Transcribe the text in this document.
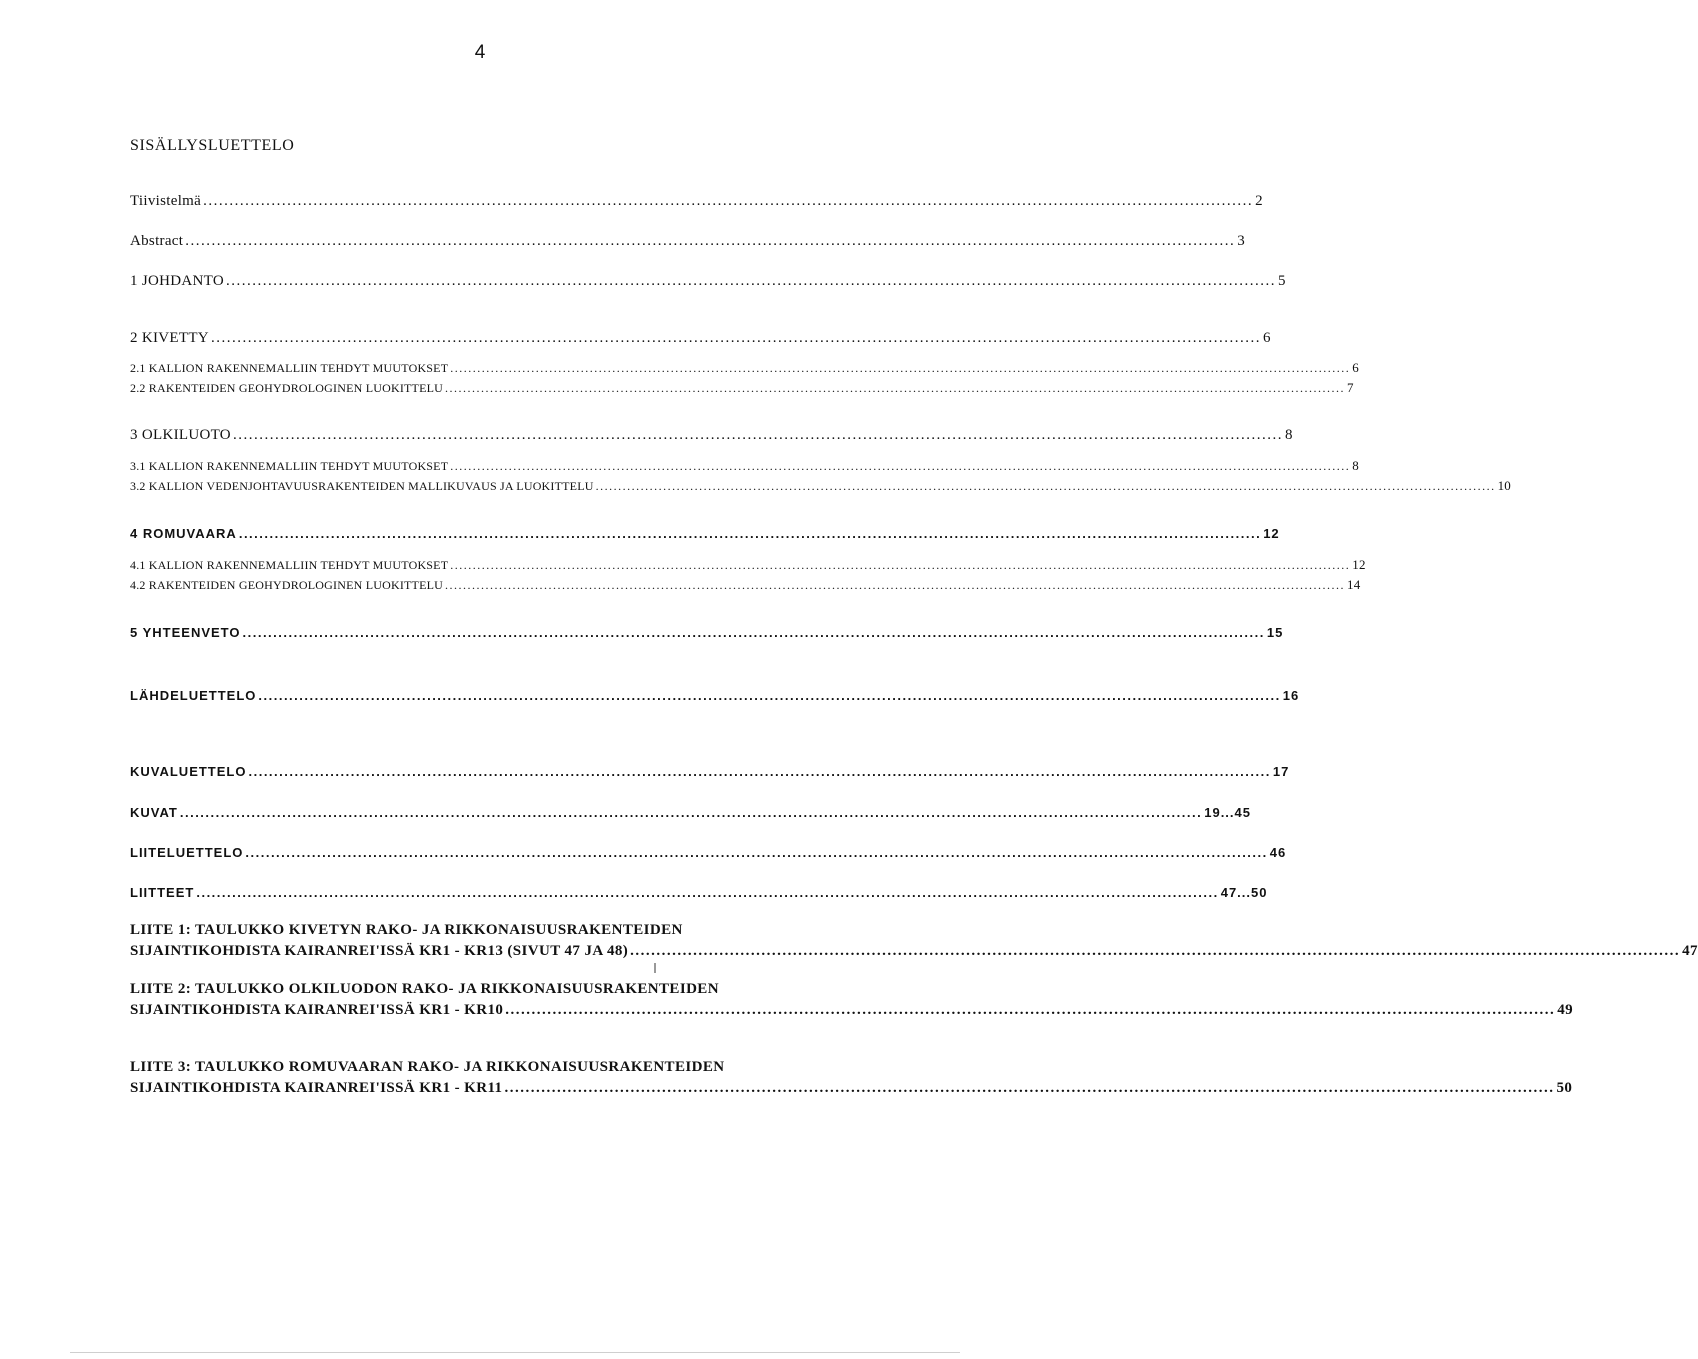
4
SISÄLLYSLUETTELO
Tiivistelmä ........................................................................................................................................................................................................ 2
Abstract ........................................................................................................................................................................................................ 3
1 JOHDANTO ........................................................................................................................................................................................................ 5
2 KIVETTY ........................................................................................................................................................................................................ 6
2.1 KALLION RAKENNEMALLIIN TEHDYT MUUTOKSET ........................................................................................................................................................................................................ 6
2.2 RAKENTEIDEN GEOHYDROLOGINEN LUOKITTELU ........................................................................................................................................................................................................ 7
3 OLKILUOTO ........................................................................................................................................................................................................ 8
3.1 KALLION RAKENNEMALLIIN TEHDYT MUUTOKSET ........................................................................................................................................................................................................ 8
3.2 KALLION VEDENJOHTAVUUSRAKENTEIDEN MALLIKUVAUS JA LUOKITTELU ........................................................................................................................................................................................................ 10
4 ROMUVAARA ........................................................................................................................................................................................................ 12
4.1 KALLION RAKENNEMALLIIN TEHDYT MUUTOKSET ........................................................................................................................................................................................................ 12
4.2 RAKENTEIDEN GEOHYDROLOGINEN LUOKITTELU ........................................................................................................................................................................................................ 14
5 YHTEENVETO ........................................................................................................................................................................................................ 15
LÄHDELUETTELO ........................................................................................................................................................................................................ 16
KUVALUETTELO ........................................................................................................................................................................................................ 17
KUVAT ........................................................................................................................................................................................................ 19...45
LIITELUETTELO ........................................................................................................................................................................................................ 46
LIITTEET ........................................................................................................................................................................................................ 47...50
LIITE 1: TAULUKKO KIVETYN RAKO- JA RIKKONAISUUSRAKENTEIDEN
SIJAINTIKOHDISTA KAIRANREI'ISSÄ KR1 - KR13 (SIVUT 47 JA 48) ........................................................................................................................................................................................................ 47
LIITE 2: TAULUKKO OLKILUODON RAKO- JA RIKKONAISUUSRAKENTEIDEN
SIJAINTIKOHDISTA KAIRANREI'ISSÄ KR1 - KR10 ........................................................................................................................................................................................................ 49
LIITE 3: TAULUKKO ROMUVAARAN RAKO- JA RIKKONAISUUSRAKENTEIDEN
SIJAINTIKOHDISTA KAIRANREI'ISSÄ KR1 - KR11 ........................................................................................................................................................................................................ 50
